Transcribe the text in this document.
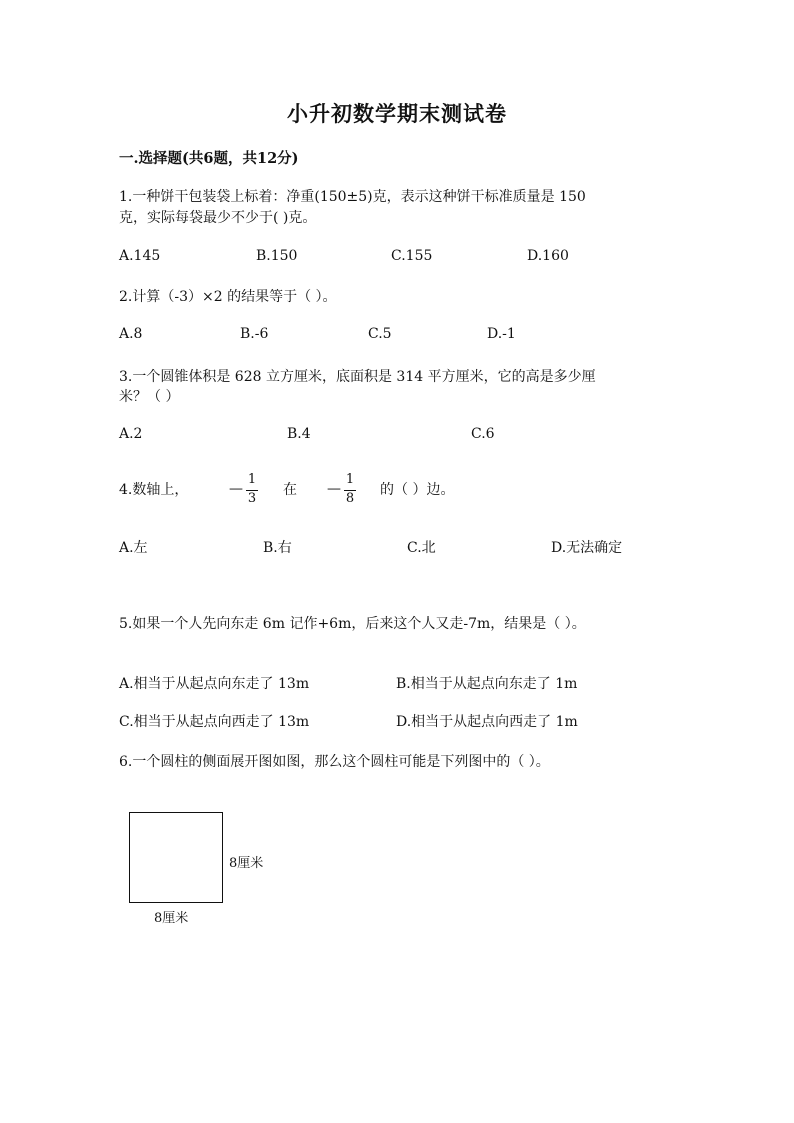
小升初数学期末测试卷
一.选择题(共6题，共12分)
1.一种饼干包装袋上标着：净重(150±5)克，表示这种饼干标准质量是 150
克，实际每袋最少不少于( )克。
A.145	B.150	C.155	D.160
2.计算（-3）×2 的结果等于（ ）。
A.8	B.-6	C.5	D.-1
3.一个圆锥体积是 628 立方厘米，底面积是 314 平方厘米，它的高是多少厘
米？（ ）
A.2	B.4	C.6
4.数轴上，	—
1
3
在 —
1
8
的（ ）边。
A.左	B.右	C.北	D.无法确定
5.如果一个人先向东走 6m 记作+6m，后来这个人又走-7m，结果是（ ）。
A.相当于从起点向东走了 13m	B.相当于从起点向东走了 1m
C.相当于从起点向西走了 13m	D.相当于从起点向西走了 1m
6.一个圆柱的侧面展开图如图，那么这个圆柱可能是下列图中的（ ）。
8厘米
8厘米
